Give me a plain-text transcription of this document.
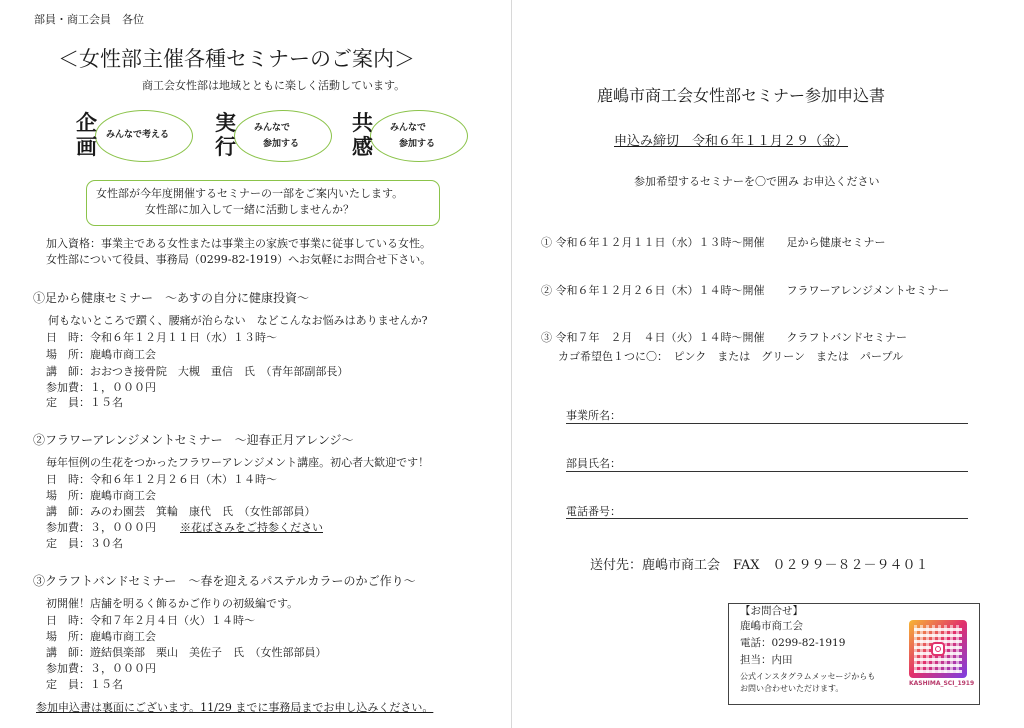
部員・商工会員　各位
＜女性部主催各種セミナーのご案内＞
商工会女性部は地域とともに楽しく活動しています。
企
画 みんなで考える 実
行
みんなで
参加する
共
感
みんなで
参加する
女性部が今年度開催するセミナーの一部をご案内いたします。
女性部に加入して一緒に活動しませんか？
加入資格：事業主である女性または事業主の家族で事業に従事している女性。
女性部について役員、事務局（0299-82-1919）へお気軽にお問合せ下さい。
①足から健康セミナー　～あすの自分に健康投資～
何もないところで躓く、腰痛が治らない　などこんなお悩みはありませんか?
日　時：令和６年１２月１１日（水）１３時～
場　所：鹿嶋市商工会
講　師：おおつき接骨院　大槻　重信　氏　（青年部副部長）
参加費：１，０００円
定　員：１５名
②フラワーアレンジメントセミナー　～迎春正月アレンジ～
毎年恒例の生花をつかったフラワーアレンジメント講座。初心者大歓迎です！
日　時：令和６年１２月２６日（木）１４時～
場　所：鹿嶋市商工会
講　師：みのわ園芸　箕輪　康代　氏　（女性部部員）
参加費：３，０００円 ※花ばさみをご持参ください
定　員：３０名
③クラフトバンドセミナー　～春を迎えるパステルカラーのかご作り～
初開催！店舗を明るく飾るかご作りの初級編です。
日　時：令和７年２月４日（火）１４時～
場　所：鹿嶋市商工会
講　師：遊結倶楽部　栗山　美佐子　氏　（女性部部員）
参加費：３，０００円
定　員：１５名
参加申込書は裏面にございます。11/29 までに事務局までお申し込みください。
鹿嶋市商工会女性部セミナー参加申込書
申込み締切　令和６年１１月２９（金）
参加希望するセミナーを〇で囲み お申込ください
① 令和６年１２月１１日（水）１３時～開催　　足から健康セミナー
② 令和６年１２月２６日（木）１４時～開催　　フラワーアレンジメントセミナー
③ 令和７年　２月　４日（火）１４時～開催　　クラフトバンドセミナー
カゴ希望色１つに〇：　ピンク　または　グリーン　または　パープル
事業所名：
部員氏名：
電話番号：
送付先：鹿嶋市商工会　FAX　０２９９－８２－９４０１
【お問合せ】
鹿嶋市商工会
電話：0299-82-1919
担当：内田
公式インスタグラムメッセージからも
お問い合わせいただけます。
KASHIMA_SCI_1919
